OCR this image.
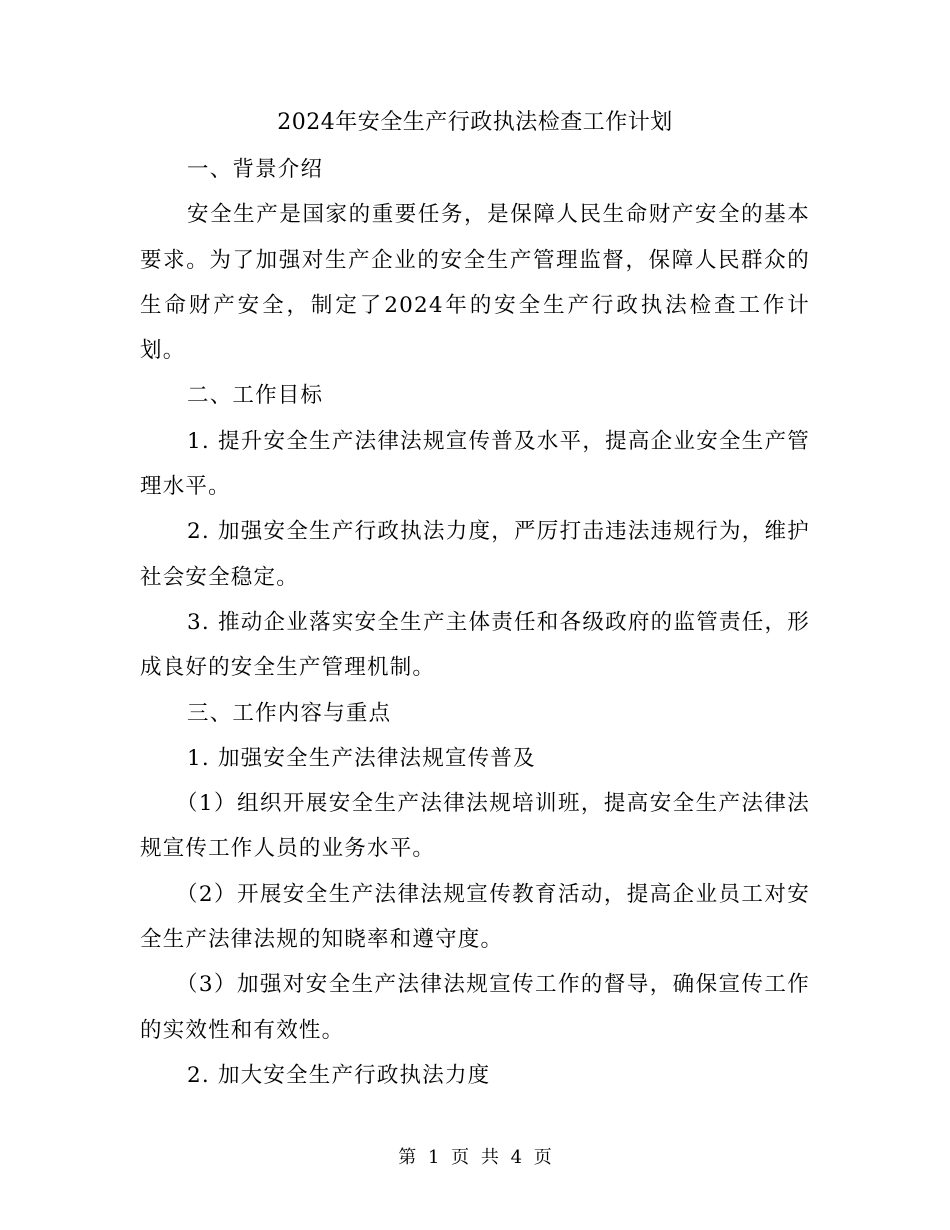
2024年安全生产行政执法检查工作计划

一、背景介绍

安全生产是国家的重要任务，是保障人民生命财产安全的基本要求。为了加强对生产企业的安全生产管理监督，保障人民群众的生命财产安全，制定了2024年的安全生产行政执法检查工作计划。

二、工作目标

1. 提升安全生产法律法规宣传普及水平，提高企业安全生产管理水平。

2. 加强安全生产行政执法力度，严厉打击违法违规行为，维护社会安全稳定。

3. 推动企业落实安全生产主体责任和各级政府的监管责任，形成良好的安全生产管理机制。

三、工作内容与重点

1. 加强安全生产法律法规宣传普及

（1）组织开展安全生产法律法规培训班，提高安全生产法律法规宣传工作人员的业务水平。

（2）开展安全生产法律法规宣传教育活动，提高企业员工对安全生产法律法规的知晓率和遵守度。

（3）加强对安全生产法律法规宣传工作的督导，确保宣传工作的实效性和有效性。

2. 加大安全生产行政执法力度

第 1 页 共 4 页
